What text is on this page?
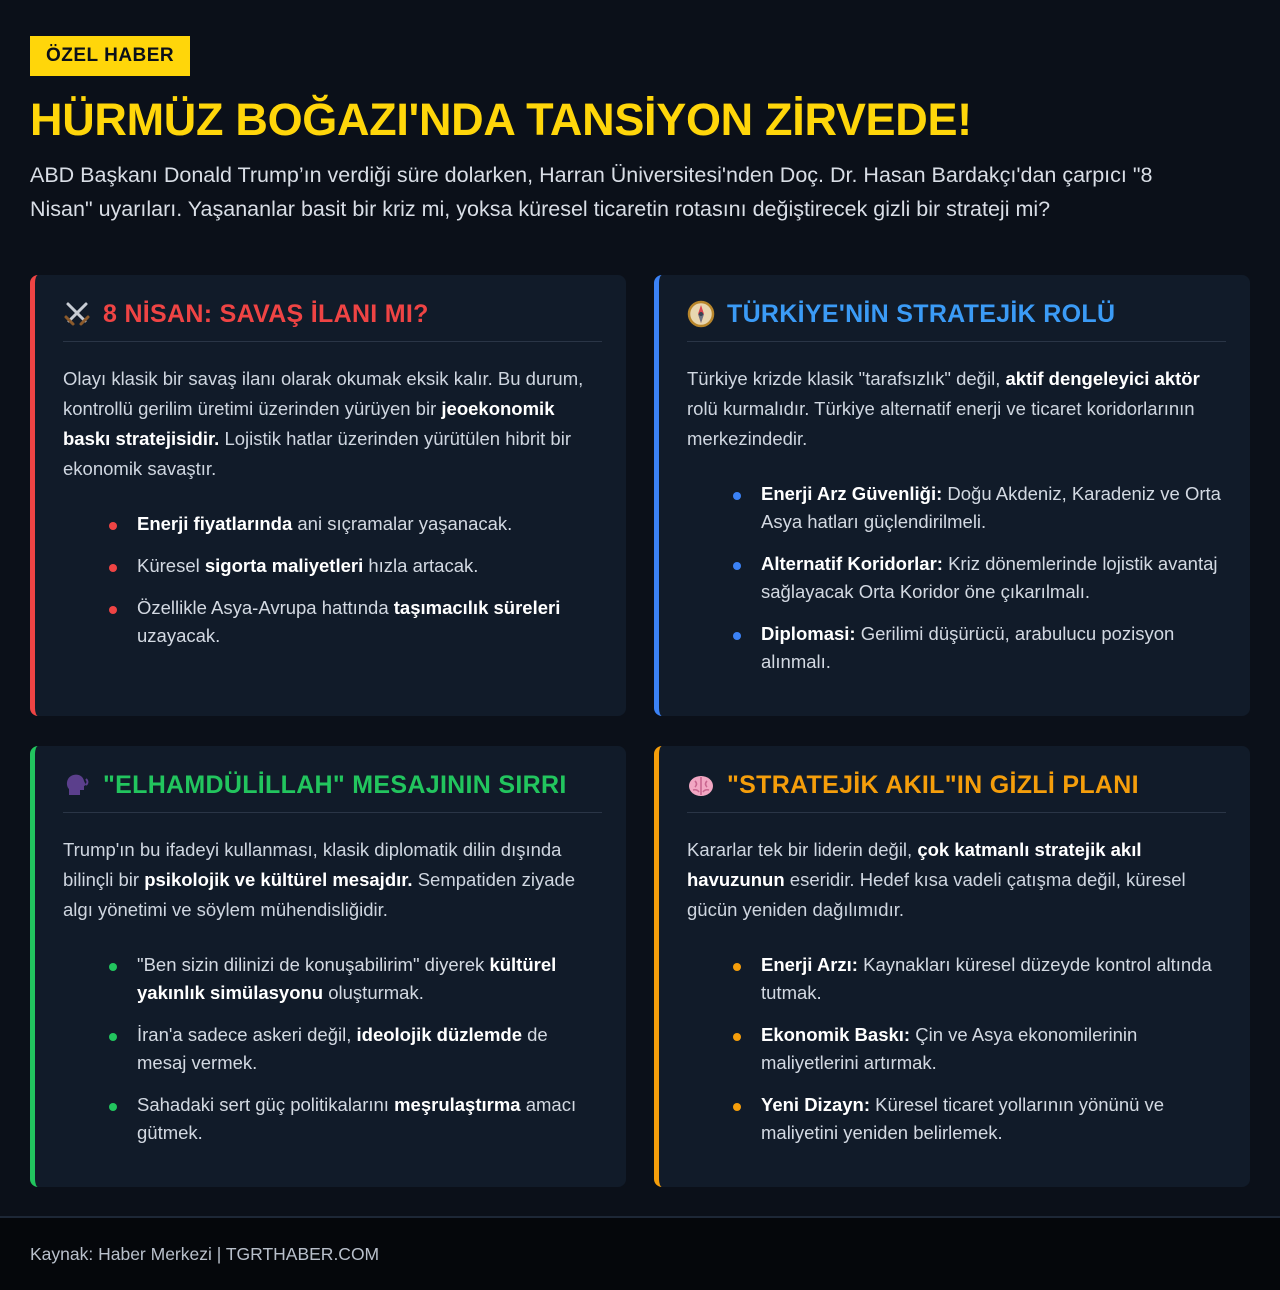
ÖZEL HABER
HÜRMÜZ BOĞAZI'NDA TANSİYON ZİRVEDE!

ABD Başkanı Donald Trump’ın verdiği süre dolarken, Harran Üniversitesi'nden Doç. Dr. Hasan Bardakçı'dan çarpıcı "8 Nisan" uyarıları. Yaşananlar basit bir kriz mi, yoksa küresel ticaretin rotasını değiştirecek gizli bir strateji mi?

8 NİSAN: SAVAŞ İLANI MI?

Olayı klasik bir savaş ilanı olarak okumak eksik kalır. Bu durum, kontrollü gerilim üretimi üzerinden yürüyen bir jeoekonomik baskı stratejisidir. Lojistik hatlar üzerinden yürütülen hibrit bir ekonomik savaştır.

Enerji fiyatlarında ani sıçramalar yaşanacak.
Küresel sigorta maliyetleri hızla artacak.
Özellikle Asya-Avrupa hattında taşımacılık süreleri uzayacak.
TÜRKİYE'NİN STRATEJİK ROLÜ

Türkiye krizde klasik "tarafsızlık" değil, aktif dengeleyici aktör rolü kurmalıdır. Türkiye alternatif enerji ve ticaret koridorlarının merkezindedir.

Enerji Arz Güvenliği: Doğu Akdeniz, Karadeniz ve Orta Asya hatları güçlendirilmeli.
Alternatif Koridorlar: Kriz dönemlerinde lojistik avantaj sağlayacak Orta Koridor öne çıkarılmalı.
Diplomasi: Gerilimi düşürücü, arabulucu pozisyon alınmalı.
"ELHAMDÜLİLLAH" MESAJININ SIRRI

Trump'ın bu ifadeyi kullanması, klasik diplomatik dilin dışında bilinçli bir psikolojik ve kültürel mesajdır. Sempatiden ziyade algı yönetimi ve söylem mühendisliğidir.

"Ben sizin dilinizi de konuşabilirim" diyerek kültürel yakınlık simülasyonu oluşturmak.
İran'a sadece askeri değil, ideolojik düzlemde de mesaj vermek.
Sahadaki sert güç politikalarını meşrulaştırma amacı gütmek.
"STRATEJİK AKIL"IN GİZLİ PLANI

Kararlar tek bir liderin değil, çok katmanlı stratejik akıl havuzunun eseridir. Hedef kısa vadeli çatışma değil, küresel gücün yeniden dağılımıdır.

Enerji Arzı: Kaynakları küresel düzeyde kontrol altında tutmak.
Ekonomik Baskı: Çin ve Asya ekonomilerinin maliyetlerini artırmak.
Yeni Dizayn: Küresel ticaret yollarının yönünü ve maliyetini yeniden belirlemek.
Kaynak: Haber Merkezi | TGRTHABER.COM
